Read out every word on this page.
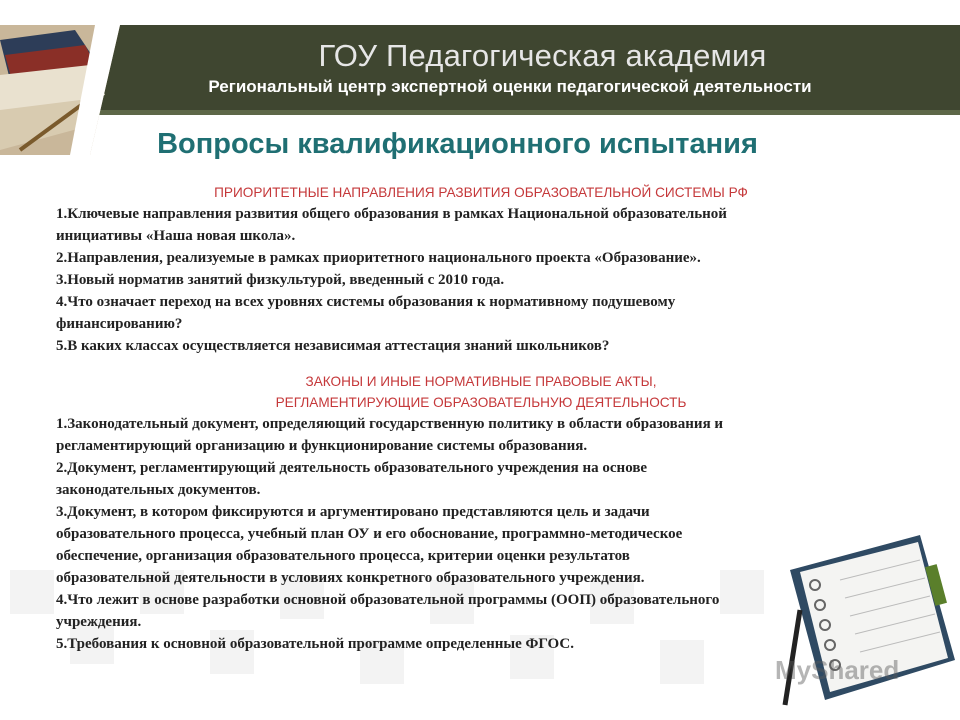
ГОУ Педагогическая академия
Региональный центр экспертной оценки педагогической деятельности
Вопросы квалификационного испытания
ПРИОРИТЕТНЫЕ НАПРАВЛЕНИЯ РАЗВИТИЯ ОБРАЗОВАТЕЛЬНОЙ СИСТЕМЫ РФ

1.Ключевые направления развития общего образования в рамках Национальной образовательной

инициативы «Наша новая школа».

2.Направления, реализуемые в рамках приоритетного национального проекта «Образование».

3.Новый норматив занятий физкультурой, введенный с 2010 года.

4.Что означает переход на всех уровнях системы образования к нормативному подушевому

финансированию?

5.В каких классах осуществляется независимая аттестация знаний школьников?

ЗАКОНЫ И ИНЫЕ НОРМАТИВНЫЕ ПРАВОВЫЕ АКТЫ,
РЕГЛАМЕНТИРУЮЩИЕ ОБРАЗОВАТЕЛЬНУЮ ДЕЯТЕЛЬНОСТЬ

1.Законодательный документ, определяющий государственную политику в области образования и

регламентирующий организацию и функционирование системы образования.

2.Документ, регламентирующий деятельность образовательного учреждения на основе

законодательных документов.

3.Документ, в котором фиксируются и аргументировано представляются цель и задачи

образовательного процесса, учебный план ОУ и его обоснование, программно-методическое

обеспечение, организация образовательного процесса, критерии оценки результатов

образовательной деятельности в условиях конкретного образовательного учреждения.

4.Что лежит в основе разработки основной образовательной программы (ООП) образовательного

учреждения.

5.Требования к основной образовательной программе определенные ФГОС.

MyShared
